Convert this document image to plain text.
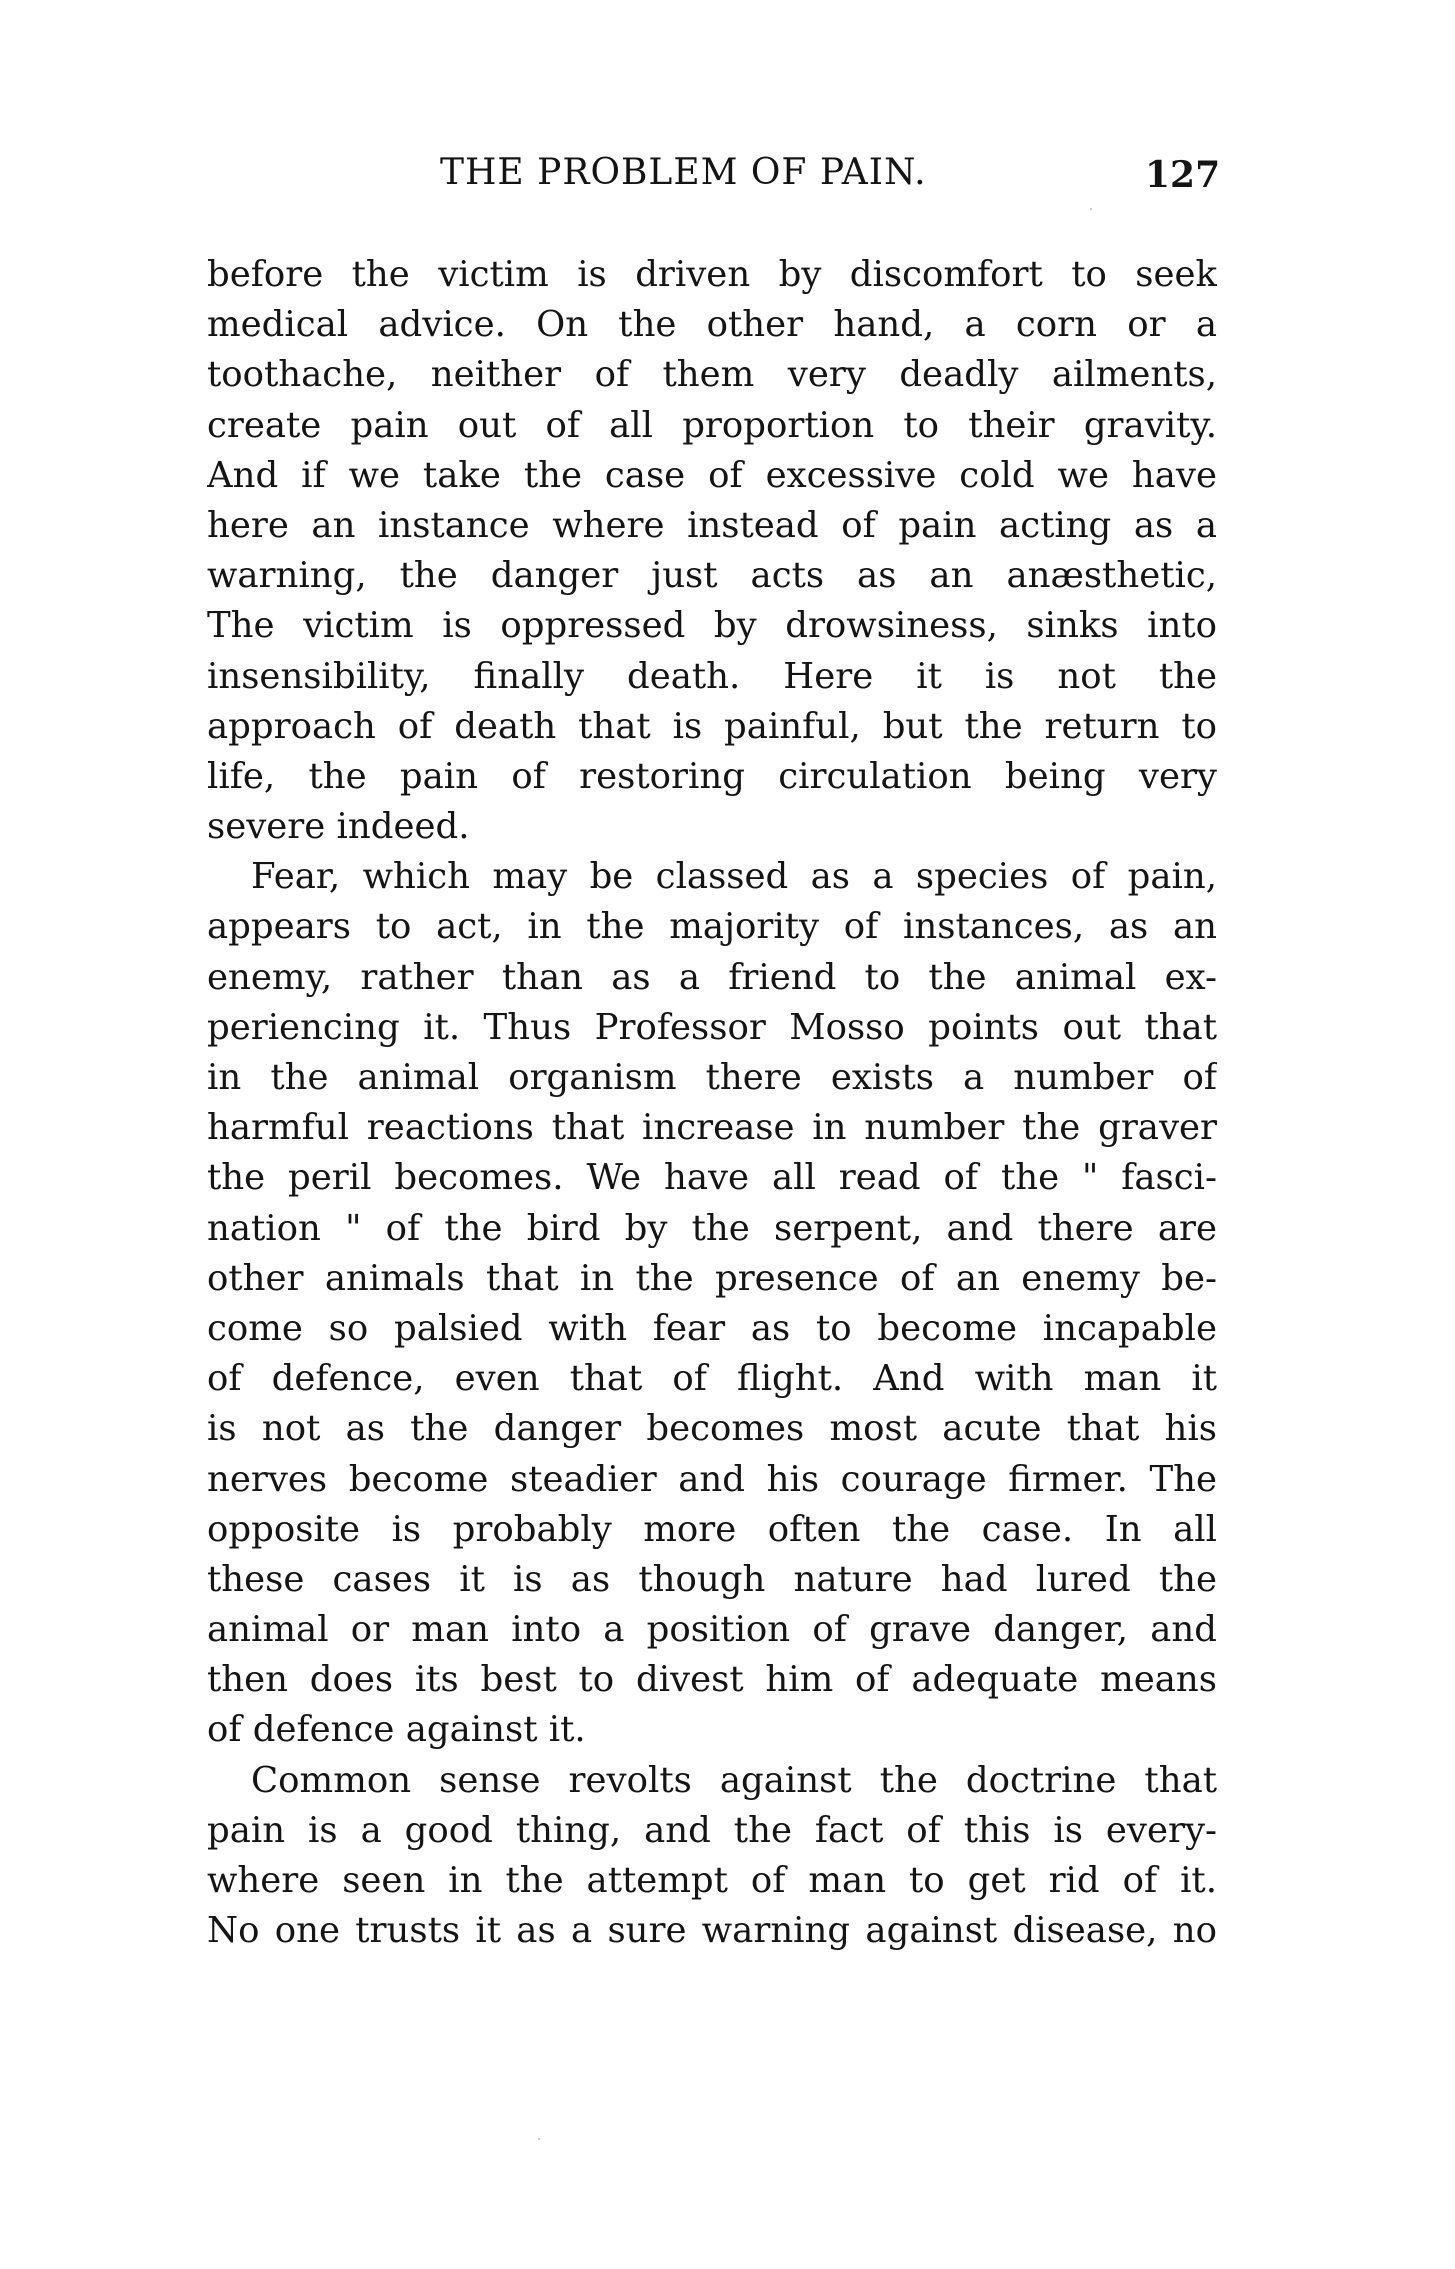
THE PROBLEM OF PAIN.	127
before the victim is driven by discomfort to seek
medical advice. On the other hand, a corn or a
toothache, neither of them very deadly ailments,
create pain out of all proportion to their gravity.
And if we take the case of excessive cold we have
here an instance where instead of pain acting as a
warning, the danger just acts as an anæsthetic,
The victim is oppressed by drowsiness, sinks into
insensibility, finally death. Here it is not the
approach of death that is painful, but the return to
life, the pain of restoring circulation being very
severe indeed.
Fear, which may be classed as a species of pain,
appears to act, in the majority of instances, as an
enemy, rather than as a friend to the animal ex-
periencing it. Thus Professor Mosso points out that
in the animal organism there exists a number of
harmful reactions that increase in number the graver
the peril becomes. We have all read of the " fasci-
nation " of the bird by the serpent, and there are
other animals that in the presence of an enemy be-
come so palsied with fear as to become incapable
of defence, even that of flight. And with man it
is not as the danger becomes most acute that his
nerves become steadier and his courage firmer. The
opposite is probably more often the case. In all
these cases it is as though nature had lured the
animal or man into a position of grave danger, and
then does its best to divest him of adequate means
of defence against it.
Common sense revolts against the doctrine that
pain is a good thing, and the fact of this is every-
where seen in the attempt of man to get rid of it.
No one trusts it as a sure warning against disease, no
